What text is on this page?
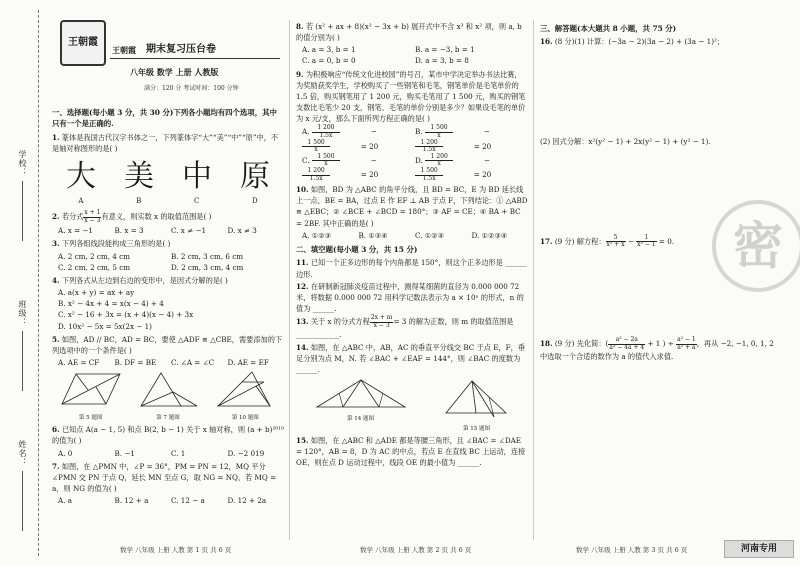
学校：
班级：
姓名：
王朝霞
王朝霞 期末复习压台卷
八年级 数学 上册 人教版
满分：120 分 考试时间：100 分钟
一、选择题(每小题 3 分，共 30 分)下列各小题均有四个选项，其中只有一个是正确的.
1. 篆体是我国古代汉字书体之一，下列篆体字“大”“美”“中”“原”中，不是轴对称图形的是( )
大 美 中 原
A	B	C	D
2. 若分式 $\frac{x + 1}{x - 3}$ 有意义，则实数 x 的取值范围是( )
A. x = −1	B. x = 3	C. x ≠ −1	D. x ≠ 3
3. 下列各组线段能构成三角形的是( )
A. 2 cm, 2 cm, 4 cm	B. 2 cm, 3 cm, 6 cm
C. 2 cm, 2 cm, 5 cm	D. 2 cm, 3 cm, 4 cm
4. 下列各式从左边到右边的变形中，是因式分解的是( )
A. a(x + y) = ax + ay
B. x² − 4x + 4 = x(x − 4) + 4
C. x² − 16 + 3x = (x + 4)(x − 4) + 3x
D. 10x² − 5x = 5x(2x − 1)
5. 如图，AD // BC，AD = BC，要使 △ADF ≌ △CBE，需要添加的下列选项中的一个条件是( )
A. AE = CF	B. DF = BE	C. ∠A = ∠C	D. AE = EF
第 5 题图	第 7 题图	第 10 题图
6. 已知点 A(a − 1, 5) 和点 B(2, b − 1) 关于 x 轴对称，则 (a + b)²⁰¹⁹ 的值为( )
A. 0	B. −1	C. 1	D. −2 019
7. 如图，在 △PMN 中，∠P = 36°，PM = PN = 12，MQ 平分 ∠PMN 交 PN 于点 Q，延长 MN 至点 G，取 NG = NQ，若 MQ = a，则 NG 的值为( )
A. a	B. 12 + a	C. 12 − a	D. 12 + 2a
8. 若 (x² + ax + 8)(x² − 3x + b) 展开式中不含 x³ 和 x² 项，则 a, b 的值分别为( )
A. a = 3, b = 1	B. a = −3, b = 1
C. a = 0, b = 0	D. a = 3, b = 8
9. 为积极响应“传统文化进校园”的号召，某市中学决定举办书法比赛，为奖励获奖学生，学校购买了一些钢笔和毛笔，钢笔单价是毛笔单价的 1.5 倍，购买钢笔用了 1 200 元，购买毛笔用了 1 500 元，购买的钢笔支数比毛笔少 20 支，钢笔、毛笔的单价分别是多少？如果设毛笔的单价为 x 元/支，那么下面所列方程正确的是( )
A. $\frac{1 200}{1.5x}$ −
$\frac{1 500}{x} = 20$
B. $\frac{1 500}{x}$ −
$\frac{1 200}{1.5x} = 20$
C. $\frac{1 500}{x}$ −
$\frac{1 200}{1.5x} = 20$
D. $\frac{1 200}{x}$ −
$\frac{1 500}{1.5x} = 20$
10. 如图，BD 为 △ABC 的角平分线，且 BD = BC，E 为 BD 延长线上一点，BE = BA，过点 E 作 EF ⊥ AB 于点 F，下列结论：① △ABD ≌ △EBC；② ∠BCE + ∠BCD = 180°；③ AF = CE；④ BA + BC = 2BF. 其中正确的是( )
A. ①②③	B. ①③④	C. ①②④	D. ①②③④
二、填空题(每小题 3 分，共 15 分)
11. 已知一个正多边形的每个内角都是 150°，则这个正多边形是 ______ 边形.
12. 在研制新冠肺炎疫苗过程中，测得某细菌的直径为 0.000 000 72 米，将数据 0.000 000 72 用科学记数法表示为 a × 10ⁿ 的形式，n 的值为 ______.
13. 关于 x 的分式方程 $\frac{2x + m}{x - 3} = 3$ 的解为正数，则 m 的取值范围是 ____________.
14. 如图，在 △ABC 中，AB，AC 的垂直平分线交 BC 于点 E，F，垂足分别为点 M，N. 若 ∠BAC + ∠EAF = 144°，则 ∠BAC 的度数为 ______.
第 14 题图
第 15 题图
15. 如图，在 △ABC 和 △ADE 都是等腰三角形，且 ∠BAC = ∠DAE = 120°，AB = 8，D 为 AC 的中点，若点 E 在直线 BC 上运动，连接 OE，则在点 D 运动过程中，线段 OE 的最小值为 ______.
三、解答题(本大题共 8 小题，共 75 分)
16. (8 分)(1) 计算：(−3a − 2)(3a − 2) + (3a − 1)²；
(2) 因式分解：x²(y² − 1) + 2x(y² − 1) + (y² − 1).
17. (9 分) 解方程： $\frac{5}{\text{x² + x}} - \frac{1}{\text{x² − 1}} = 0$.
18. (9 分) 先化简：( $\frac{\text{a² − 2a}}{\text{a² − 4a + 4}} + 1$ ) ÷ $\frac{\text{a² − 1}}{\text{a² + a}}$ ，再从 −2, −1, 0, 1, 2 中选取一个合适的数作为 a 的值代入求值.
密
数学 八年级 上册 人教 第 1 页 共 6 页	数学 八年级 上册 人教 第 2 页 共 6 页	数学 八年级 上册 人教 第 3 页 共 6 页	河南专用
